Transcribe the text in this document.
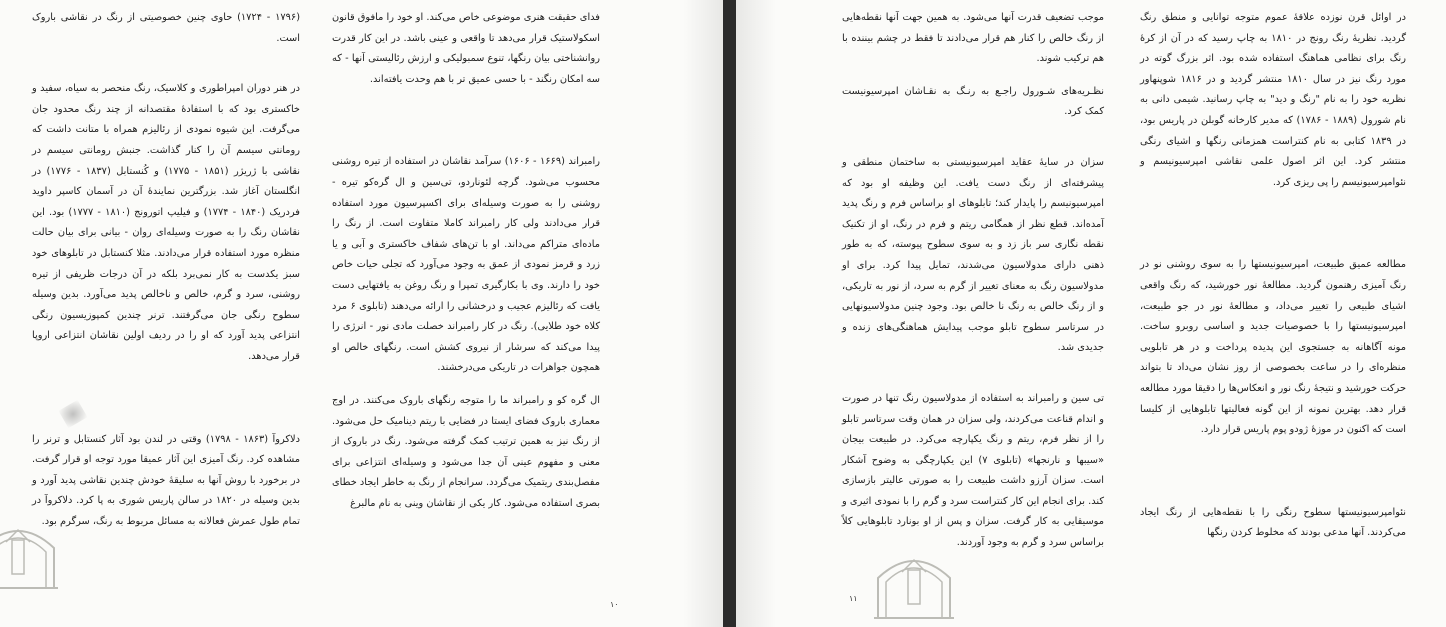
فدای حقیقت هنری موضوعی خاص می‌کند. او خود را مافوق قانون اسکولاستیک قرار می‌دهد تا واقعی و عینی باشد. در این کار قدرت روانشناختی بیان رنگها، تنوع سمبولیکی و ارزش رئالیستی آنها - که سه امکان رنگند - با حسی عمیق تر با هم وحدت یافته‌اند.

رامبراند (۱۶۶۹ - ۱۶۰۶) سرآمد نقاشان در استفاده از تیره روشنی محسوب می‌شود. گرچه لئوناردو، تی‌سین و ال گره‌کو تیره - روشنی را به صورت وسیله‌ای برای اکسپرسیون مورد استفاده قرار می‌دادند ولی کار رامبراند کاملا متفاوت است. از رنگ را ماده‌ای متراکم می‌داند. او با تن‌های شفاف خاکستری و آبی و یا زرد و قرمز نمودی از عمق به وجود می‌آورد که تجلی حیات خاص خود را دارند. وی با بکارگیری تمپرا و رنگ روغن به یافتهایی دست یافت که رئالیزم عجیب و درخشانی را ارائه می‌دهند (تابلوی ۶ مرد کلاه خود طلایی). رنگ در کار رامبراند خصلت مادی نور - انرژی را پیدا می‌کند که سرشار از نیروی کشش است. رنگهای خالص او همچون جواهرات در تاریکی می‌درخشند.

ال گره کو و رامبراند ما را متوجه رنگهای باروک می‌کنند. در اوج معماری باروک فضای ایستا در فضایی با ریتم دینامیک حل می‌شود. از رنگ نیز به همین ترتیب کمک گرفته می‌شود. رنگ در باروک از معنی و مفهوم عینی آن جدا می‌شود و وسیله‌ای انتزاعی برای مفصل‌بندی ریتمیک می‌گردد. سرانجام از رنگ به خاطر ایجاد خطای بصری استفاده می‌شود. کار یکی از نقاشان وینی به نام مالبرغ

(۱۷۹۶ - ۱۷۲۴) حاوی چنین خصوصیتی از رنگ در نقاشی باروک است.

در هنر دوران امپراطوری و کلاسیک، رنگ منحصر به سیاه، سفید و خاکستری بود که با استفادهٔ مقتصدانه از چند رنگ محدود جان می‌گرفت. این شیوه نمودی از رئالیزم همراه با متانت داشت که رومانتی سیسم آن را کنار گذاشت. جنبش رومانتی سیسم در نقاشی با ژریژر (۱۸۵۱ - ۱۷۷۵) و کُنستابل (۱۸۳۷ - ۱۷۷۶) در انگلستان آغاز شد. بزرگترین نمایندهٔ آن در آسمان کاسپر داوید فردریک (۱۸۴۰ - ۱۷۷۴) و فیلیپ اتورونج (۱۸۱۰ - ۱۷۷۷) بود. این نقاشان رنگ را به صورت وسیله‌ای روان - بیانی برای بیان حالت منظره مورد استفاده قرار می‌دادند. مثلا کنستابل در تابلوهای خود سبز یکدست به کار نمی‌برد بلکه در آن درجات ظریفی از تیره روشنی، سرد و گرم، خالص و ناخالص پدید می‌آورد. بدین وسیله سطوح رنگی جان می‌گرفتند. ترنر چندین کمپوزیسیون رنگی انتزاعی پدید آورد که او را در ردیف اولین نقاشان انتزاعی اروپا قرار می‌دهد.

دلاکروآ (۱۸۶۳ - ۱۷۹۸) وقتی در لندن بود آثار کنستابل و ترنر را مشاهده کرد. رنگ آمیزی این آثار عمیقا مورد توجه او قرار گرفت. در برخورد با روش آنها به سلیقهٔ خودش چندین نقاشی پدید آورد و بدین وسیله در ۱۸۲۰ در سالن پاریس شوری به پا کرد. دلاکروآ در تمام طول عمرش فعالانه به مسائل مربوط به رنگ، سرگرم بود.

۱۰

در اوائل قرن نوزده علاقهٔ عموم متوجه توانایی و منطق رنگ گردید. نظریهٔ رنگ رونج در ۱۸۱۰ به چاپ رسید که در آن از کرهٔ رنگ برای نظامی هماهنگ استفاده شده بود. اثر بزرگ گوته در مورد رنگ نیز در سال ۱۸۱۰ منتشر گردید و در ۱۸۱۶ شوپنهاور نظریه خود را به نام "رنگ و دید" به چاپ رسانید. شیمی دانی به نام شورول (۱۸۸۹ - ۱۷۸۶) که مدیر کارخانه گوبلن در پاریس بود، در ۱۸۳۹ کتابی به نام کنتراست همزمانی رنگها و اشیای رنگی منتشر کرد. این اثر اصول علمی نقاشی امپرسیونیسم و نئوامپرسیونیسم را پی ریزی کرد.

مطالعه عمیق طبیعت، امپرسیونیستها را به سوی روشنی نو در رنگ آمیزی رهنمون گردید. مطالعهٔ نور خورشید، که رنگ واقعی اشیای طبیعی را تغییر می‌داد، و مطالعهٔ نور در جو طبیعت، امپرسیونیستها را با خصوصیات جدید و اساسی روبرو ساخت. مونه آگاهانه به جستجوی این پدیده پرداخت و در هر تابلویی منظره‌ای را در ساعت بخصوصی از روز نشان می‌داد تا بتواند حرکت خورشید و نتیجهٔ رنگ نور و انعکاس‌ها را دقیقا مورد مطالعه قرار دهد. بهترین نمونه از این گونه فعالیتها تابلوهایی از کلیسا است که اکنون در موزهٔ ژودو پوم پاریس قرار دارد.

نئوامپرسیونیستها سطوح رنگی را با نقطه‌هایی از رنگ ایجاد می‌کردند. آنها مدعی بودند که مخلوط کردن رنگها

موجب تضعیف قدرت آنها می‌شود. به همین جهت آنها نقطه‌هایی از رنگ خالص را کنار هم قرار می‌دادند تا فقط در چشم بیننده با هم ترکیب شوند.

نظـریه‌های شـورول راجـع به رنـگ به نقـاشان امپرسیونیست کمک کرد.

سزان در سایهٔ عقاید امپرسیونیستی به ساختمان منطقی و پیشرفته‌ای از رنگ دست یافت. این وظیفه او بود که امپرسیونیسم را پایدار کند؛ تابلوهای او براساس فرم و رنگ پدید آمده‌اند. قطع نظر از همگامی ریتم و فرم در رنگ، او از تکنیک نقطه نگاری سر باز زد و به سوی سطوح پیوسته، که به طور ذهنی دارای مدولاسیون می‌شدند، تمایل پیدا کرد. برای او مدولاسیون رنگ به معنای تغییر از گرم به سرد، از نور به تاریکی، و از رنگ خالص به رنگ نا خالص بود. وجود چنین مدولاسیونهایی در سرتاسر سطوح تابلو موجب پیدایش هماهنگی‌های زنده و جدیدی شد.

تی سین و رامبراند به استفاده از مدولاسیون رنگ تنها در صورت و اندام قناعت می‌کردند، ولی سزان در همان وقت سرتاسر تابلو را از نظر فرم، ریتم و رنگ یکپارچه می‌کرد. در طبیعت بیجان «سیبها و نارنجها» (تابلوی ۷) این یکپارچگی به وضوح آشکار است. سزان آرزو داشت طبیعت را به صورتی عالیتر بازسازی کند. برای انجام این کار کنتراست سرد و گرم را با نمودی اثیری و موسیقایی به کار گرفت. سزان و پس از او بونارد تابلوهایی کلاً براساس سرد و گرم به وجود آوردند.

۱۱
